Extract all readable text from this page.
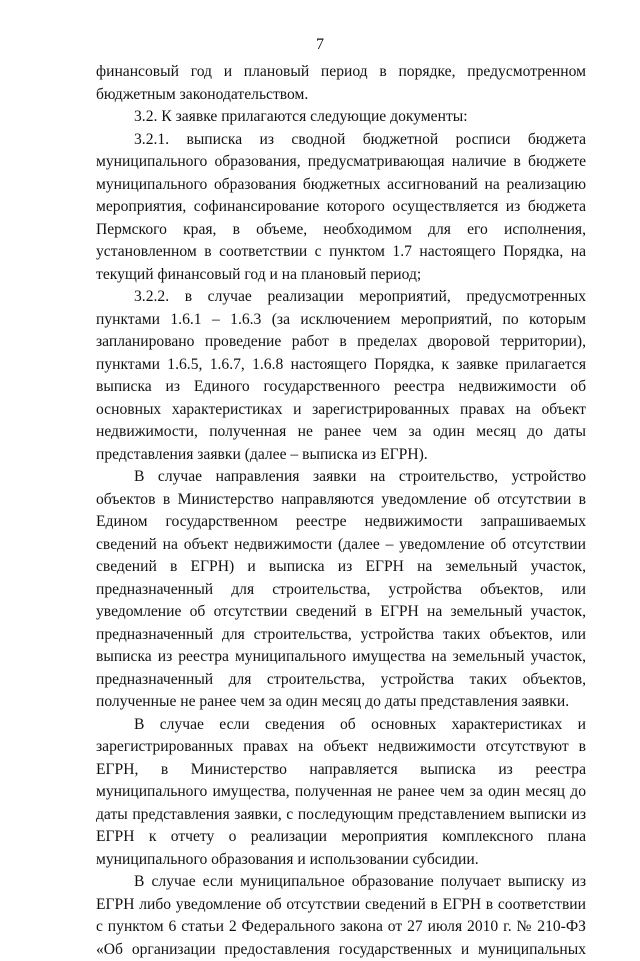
7

финансовый год и плановый период в порядке, предусмотренном бюджетным законодательством.

3.2. К заявке прилагаются следующие документы:

3.2.1. выписка из сводной бюджетной росписи бюджета муниципального образования, предусматривающая наличие в бюджете муниципального образования бюджетных ассигнований на реализацию мероприятия, софинансирование которого осуществляется из бюджета Пермского края, в объеме, необходимом для его исполнения, установленном в соответствии с пунктом 1.7 настоящего Порядка, на текущий финансовый год и на плановый период;

3.2.2. в случае реализации мероприятий, предусмотренных пунктами 1.6.1 – 1.6.3 (за исключением мероприятий, по которым запланировано проведение работ в пределах дворовой территории), пунктами 1.6.5, 1.6.7, 1.6.8 настоящего Порядка, к заявке прилагается выписка из Единого государственного реестра недвижимости об основных характеристиках и зарегистрированных правах на объект недвижимости, полученная не ранее чем за один месяц до даты представления заявки (далее – выписка из ЕГРН).

В случае направления заявки на строительство, устройство объектов в Министерство направляются уведомление об отсутствии в Едином государственном реестре недвижимости запрашиваемых сведений на объект недвижимости (далее – уведомление об отсутствии сведений в ЕГРН) и выписка из ЕГРН на земельный участок, предназначенный для строительства, устройства объектов, или уведомление об отсутствии сведений в ЕГРН на земельный участок, предназначенный для строительства, устройства таких объектов, или выписка из реестра муниципального имущества на земельный участок, предназначенный для строительства, устройства таких объектов, полученные не ранее чем за один месяц до даты представления заявки.

В случае если сведения об основных характеристиках и зарегистрированных правах на объект недвижимости отсутствуют в ЕГРН, в Министерство направляется выписка из реестра муниципального имущества, полученная не ранее чем за один месяц до даты представления заявки, с последующим представлением выписки из ЕГРН к отчету о реализации мероприятия комплексного плана муниципального образования и использовании субсидии.

В случае если муниципальное образование получает выписку из ЕГРН либо уведомление об отсутствии сведений в ЕГРН в соответствии с пунктом 6 статьи 2 Федерального закона от 27 июля 2010 г. № 210-ФЗ «Об организации предоставления государственных и муниципальных
